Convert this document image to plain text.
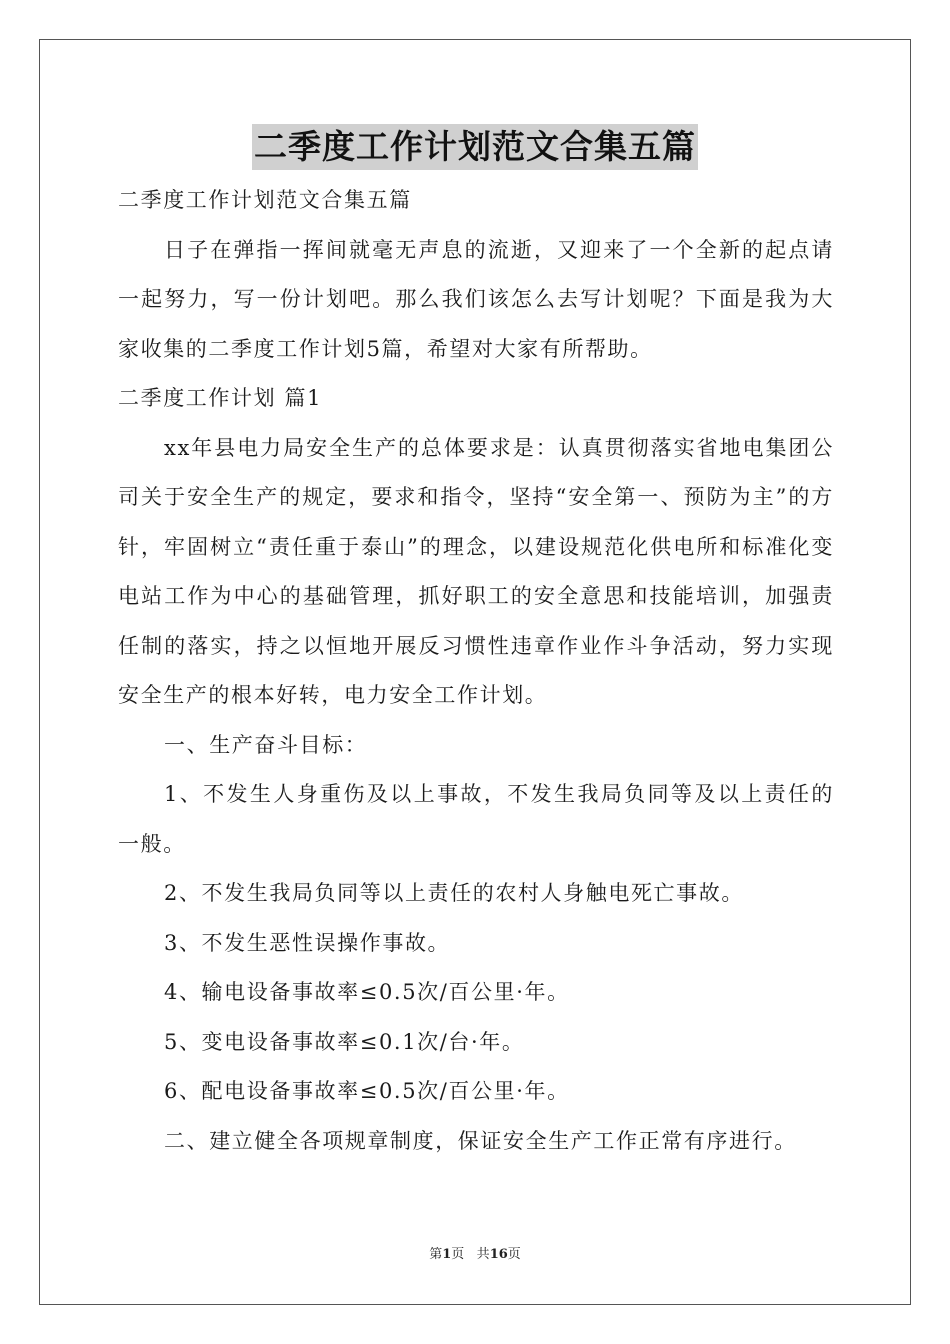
二季度工作计划范文合集五篇

二季度工作计划范文合集五篇

日子在弹指一挥间就毫无声息的流逝，又迎来了一个全新的起点请一起努力，写一份计划吧。那么我们该怎么去写计划呢？下面是我为大家收集的二季度工作计划5篇，希望对大家有所帮助。

二季度工作计划 篇1

xx年县电力局安全生产的总体要求是：认真贯彻落实省地电集团公司关于安全生产的规定，要求和指令，坚持“安全第一、预防为主”的方针，牢固树立“责任重于泰山”的理念，以建设规范化供电所和标准化变电站工作为中心的基础管理，抓好职工的安全意思和技能培训，加强责任制的落实，持之以恒地开展反习惯性违章作业作斗争活动，努力实现安全生产的根本好转，电力安全工作计划。

一、生产奋斗目标：

1、不发生人身重伤及以上事故，不发生我局负同等及以上责任的一般。

2、不发生我局负同等以上责任的农村人身触电死亡事故。

3、不发生恶性误操作事故。

4、输电设备事故率≤0.5次/百公里·年。

5、变电设备事故率≤0.1次/台·年。

6、配电设备事故率≤0.5次/百公里·年。

二、建立健全各项规章制度，保证安全生产工作正常有序进行。

第1页 共16页
